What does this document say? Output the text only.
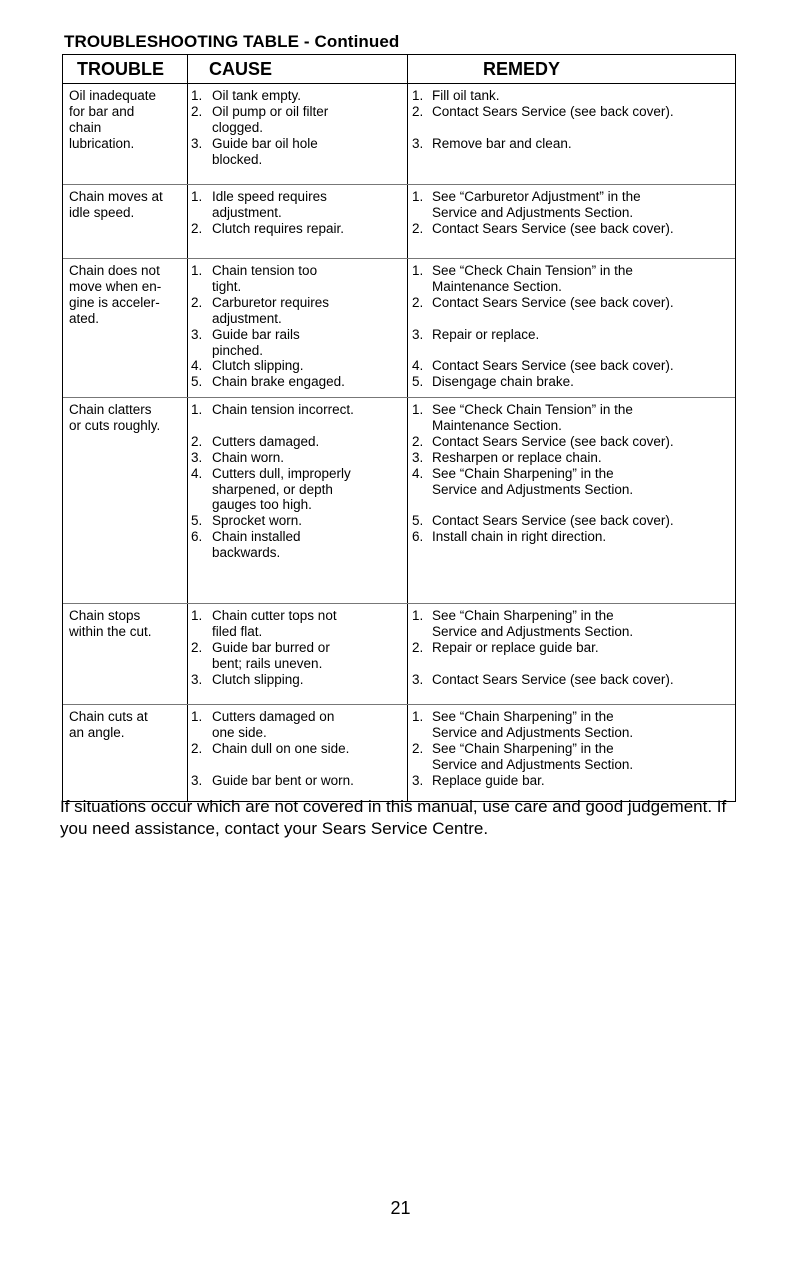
TROUBLESHOOTING TABLE - Continued
TROUBLE	CAUSE	REMEDY
Oil inadequate
for bar and
chain
lubrication.
1. Oil tank empty.
2. Oil pump or oil filter
clogged.
3. Guide bar oil hole
blocked.
1. Fill oil tank.
2. Contact Sears Service (see back cover).
3. Remove bar and clean.
Chain moves at
idle speed.
1. Idle speed requires
adjustment.
2. Clutch requires repair.
1. See “Carburetor Adjustment” in the
Service and Adjustments Section.
2. Contact Sears Service (see back cover).
Chain does not
move when en-
gine is acceler-
ated.
1. Chain tension too
tight.
2. Carburetor requires
adjustment.
3. Guide bar rails
pinched.
4. Clutch slipping.
5. Chain brake engaged.
1. See “Check Chain Tension” in the
Maintenance Section.
2. Contact Sears Service (see back cover).
3. Repair or replace.
4. Contact Sears Service (see back cover).
5. Disengage chain brake.
Chain clatters
or cuts roughly.
1. Chain tension incorrect.
2. Cutters damaged.
3. Chain worn.
4. Cutters dull, improperly
sharpened, or depth
gauges too high.
5. Sprocket worn.
6. Chain installed
backwards.
1. See “Check Chain Tension” in the
Maintenance Section.
2. Contact Sears Service (see back cover).
3. Resharpen or replace chain.
4. See “Chain Sharpening” in the
Service and Adjustments Section.
5. Contact Sears Service (see back cover).
6. Install chain in right direction.
Chain stops
within the cut.
1. Chain cutter tops not
filed flat.
2. Guide bar burred or
bent; rails uneven.
3. Clutch slipping.
1. See “Chain Sharpening” in the
Service and Adjustments Section.
2. Repair or replace guide bar.
3. Contact Sears Service (see back cover).
Chain cuts at
an angle.
1. Cutters damaged on
one side.
2. Chain dull on one side.
3. Guide bar bent or worn.
1. See “Chain Sharpening” in the
Service and Adjustments Section.
2. See “Chain Sharpening” in the
Service and Adjustments Section.
3. Replace guide bar.
If situations occur which are not covered in this manual, use care and good judgement. If you need assistance, contact your Sears Service Centre.
21
